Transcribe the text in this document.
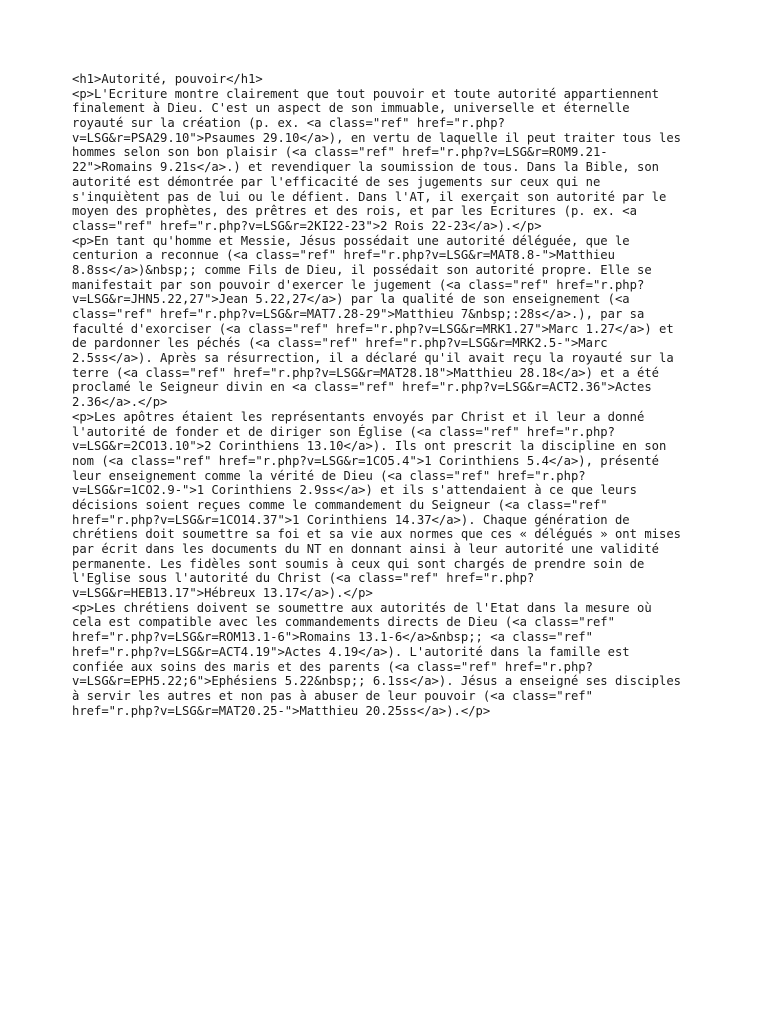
<h1>Autorité, pouvoir</h1>
<p>L'Ecriture montre clairement que tout pouvoir et toute autorité appartiennent
finalement à Dieu. C'est un aspect de son immuable, universelle et éternelle
royauté sur la création (p. ex. <a class="ref" href="r.php?
v=LSG&r=PSA29.10">Psaumes 29.10</a>), en vertu de laquelle il peut traiter tous les
hommes selon son bon plaisir (<a class="ref" href="r.php?v=LSG&r=ROM9.21-
22">Romains 9.21s</a>.) et revendiquer la soumission de tous. Dans la Bible, son
autorité est démontrée par l'efficacité de ses jugements sur ceux qui ne
s'inquiètent pas de lui ou le défient. Dans l'AT, il exerçait son autorité par le
moyen des prophètes, des prêtres et des rois, et par les Ecritures (p. ex. <a
class="ref" href="r.php?v=LSG&r=2KI22-23">2 Rois 22-23</a>).</p>
<p>En tant qu'homme et Messie, Jésus possédait une autorité déléguée, que le
centurion a reconnue (<a class="ref" href="r.php?v=LSG&r=MAT8.8-">Matthieu
8.8ss</a>)&nbsp;; comme Fils de Dieu, il possédait son autorité propre. Elle se
manifestait par son pouvoir d'exercer le jugement (<a class="ref" href="r.php?
v=LSG&r=JHN5.22,27">Jean 5.22,27</a>) par la qualité de son enseignement (<a
class="ref" href="r.php?v=LSG&r=MAT7.28-29">Matthieu 7&nbsp;:28s</a>.), par sa
faculté d'exorciser (<a class="ref" href="r.php?v=LSG&r=MRK1.27">Marc 1.27</a>) et
de pardonner les péchés (<a class="ref" href="r.php?v=LSG&r=MRK2.5-">Marc
2.5ss</a>). Après sa résurrection, il a déclaré qu'il avait reçu la royauté sur la
terre (<a class="ref" href="r.php?v=LSG&r=MAT28.18">Matthieu 28.18</a>) et a été
proclamé le Seigneur divin en <a class="ref" href="r.php?v=LSG&r=ACT2.36">Actes
2.36</a>.</p>
<p>Les apôtres étaient les représentants envoyés par Christ et il leur a donné
l'autorité de fonder et de diriger son Église (<a class="ref" href="r.php?
v=LSG&r=2CO13.10">2 Corinthiens 13.10</a>). Ils ont prescrit la discipline en son
nom (<a class="ref" href="r.php?v=LSG&r=1CO5.4">1 Corinthiens 5.4</a>), présenté
leur enseignement comme la vérité de Dieu (<a class="ref" href="r.php?
v=LSG&r=1CO2.9-">1 Corinthiens 2.9ss</a>) et ils s'attendaient à ce que leurs
décisions soient reçues comme le commandement du Seigneur (<a class="ref"
href="r.php?v=LSG&r=1CO14.37">1 Corinthiens 14.37</a>). Chaque génération de
chrétiens doit soumettre sa foi et sa vie aux normes que ces « délégués » ont mises
par écrit dans les documents du NT en donnant ainsi à leur autorité une validité
permanente. Les fidèles sont soumis à ceux qui sont chargés de prendre soin de
l'Eglise sous l'autorité du Christ (<a class="ref" href="r.php?
v=LSG&r=HEB13.17">Hébreux 13.17</a>).</p>
<p>Les chrétiens doivent se soumettre aux autorités de l'Etat dans la mesure où
cela est compatible avec les commandements directs de Dieu (<a class="ref"
href="r.php?v=LSG&r=ROM13.1-6">Romains 13.1-6</a>&nbsp;; <a class="ref"
href="r.php?v=LSG&r=ACT4.19">Actes 4.19</a>). L'autorité dans la famille est
confiée aux soins des maris et des parents (<a class="ref" href="r.php?
v=LSG&r=EPH5.22;6">Ephésiens 5.22&nbsp;; 6.1ss</a>). Jésus a enseigné ses disciples
à servir les autres et non pas à abuser de leur pouvoir (<a class="ref"
href="r.php?v=LSG&r=MAT20.25-">Matthieu 20.25ss</a>).</p>
